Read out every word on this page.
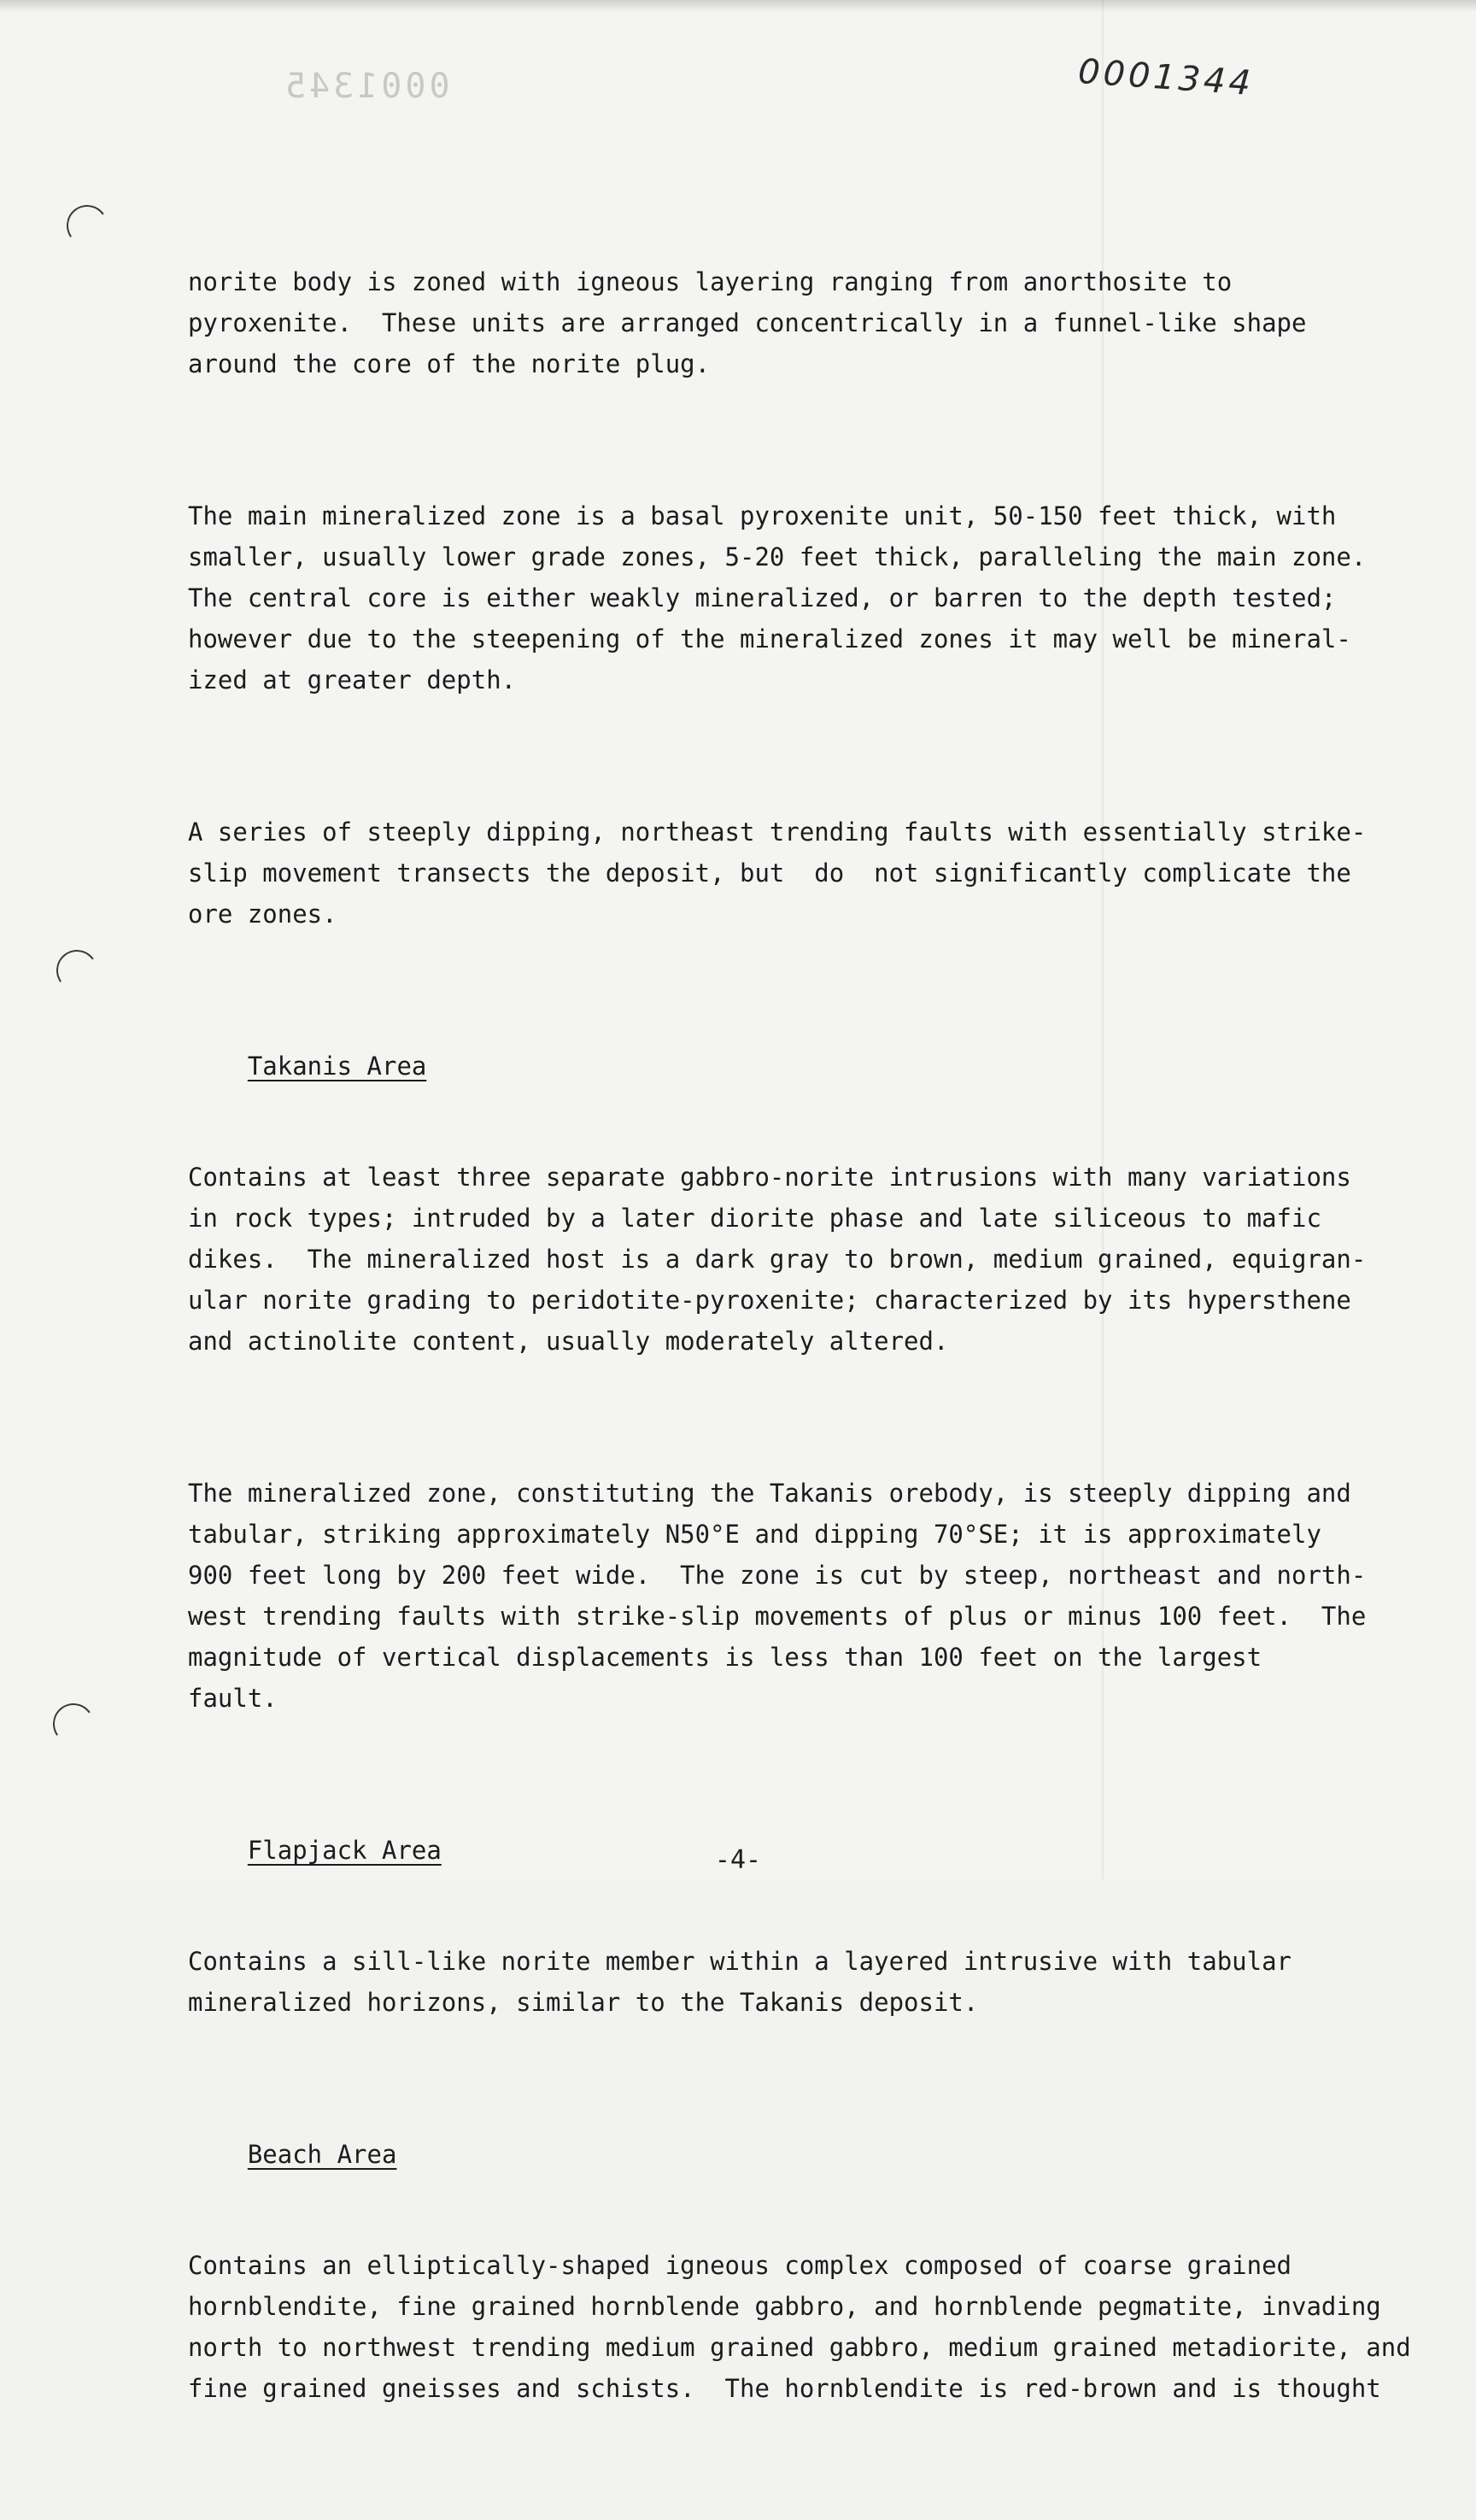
0001345	0001344

norite body is zoned with igneous layering ranging from anorthosite to
pyroxenite.  These units are arranged concentrically in a funnel-like shape
around the core of the norite plug.

The main mineralized zone is a basal pyroxenite unit, 50-150 feet thick, with
smaller, usually lower grade zones, 5-20 feet thick, paralleling the main zone.
The central core is either weakly mineralized, or barren to the depth tested;
however due to the steepening of the mineralized zones it may well be mineral-
ized at greater depth.

A series of steeply dipping, northeast trending faults with essentially strike-
slip movement transects the deposit, but  do  not significantly complicate the
ore zones.

Takanis Area

Contains at least three separate gabbro-norite intrusions with many variations
in rock types; intruded by a later diorite phase and late siliceous to mafic
dikes.  The mineralized host is a dark gray to brown, medium grained, equigran-
ular norite grading to peridotite-pyroxenite; characterized by its hypersthene
and actinolite content, usually moderately altered.

The mineralized zone, constituting the Takanis orebody, is steeply dipping and
tabular, striking approximately N50°E and dipping 70°SE; it is approximately
900 feet long by 200 feet wide.  The zone is cut by steep, northeast and north-
west trending faults with strike-slip movements of plus or minus 100 feet.  The
magnitude of vertical displacements is less than 100 feet on the largest
fault.

Flapjack Area

Contains a sill-like norite member within a layered intrusive with tabular
mineralized horizons, similar to the Takanis deposit.

Beach Area

Contains an elliptically-shaped igneous complex composed of coarse grained
hornblendite, fine grained hornblende gabbro, and hornblende pegmatite, invading
north to northwest trending medium grained gabbro, medium grained metadiorite, and
fine grained gneisses and schists.  The hornblendite is red-brown and is thought

-4-
